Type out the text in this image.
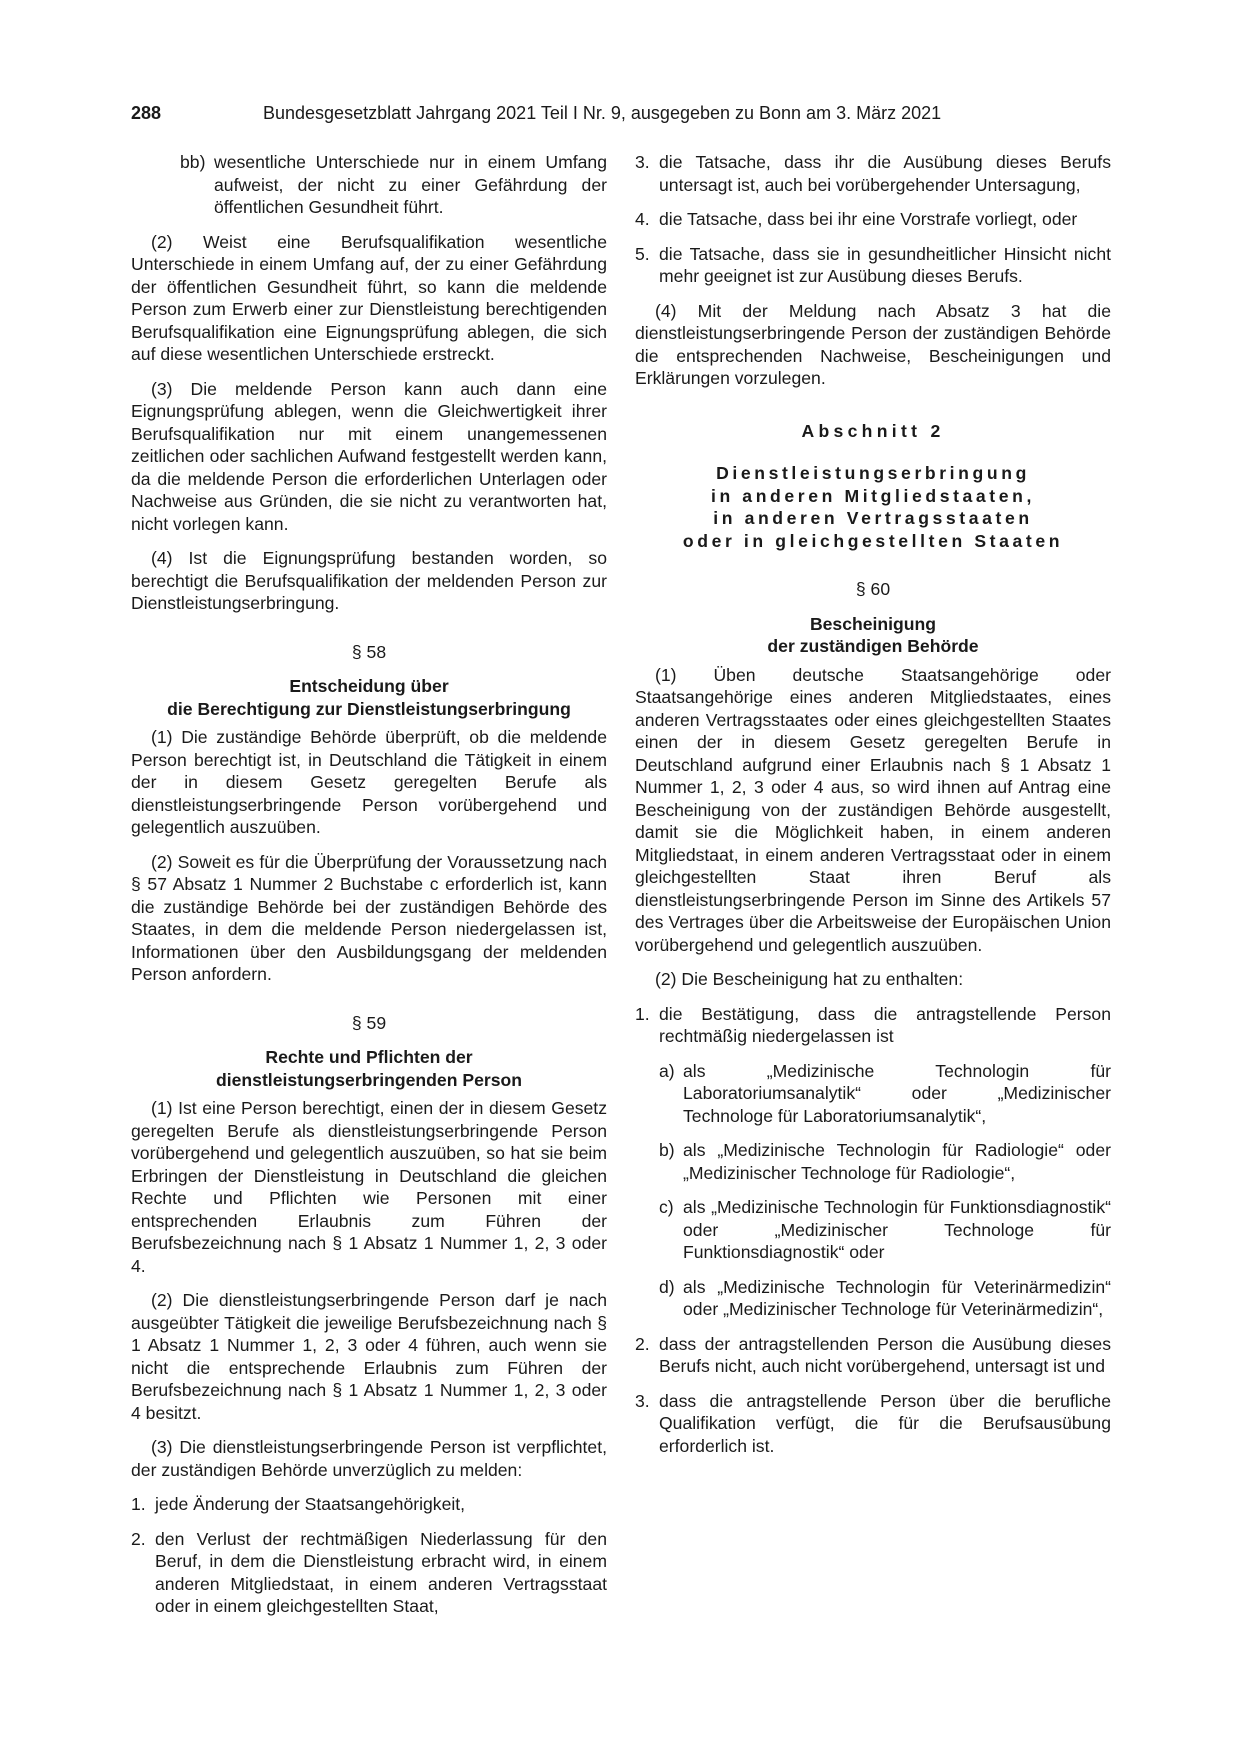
288	Bundesgesetzblatt Jahrgang 2021 Teil I Nr. 9, ausgegeben zu Bonn am 3. März 2021
bb) wesentliche Unterschiede nur in einem Umfang aufweist, der nicht zu einer Gefährdung der öffentlichen Gesundheit führt.

(2) Weist eine Berufsqualifikation wesentliche Unterschiede in einem Umfang auf, der zu einer Gefährdung der öffentlichen Gesundheit führt, so kann die meldende Person zum Erwerb einer zur Dienstleistung berechtigenden Berufsqualifikation eine Eignungsprüfung ablegen, die sich auf diese wesentlichen Unterschiede erstreckt.

(3) Die meldende Person kann auch dann eine Eignungsprüfung ablegen, wenn die Gleichwertigkeit ihrer Berufsqualifikation nur mit einem unangemessenen zeitlichen oder sachlichen Aufwand festgestellt werden kann, da die meldende Person die erforderlichen Unterlagen oder Nachweise aus Gründen, die sie nicht zu verantworten hat, nicht vorlegen kann.

(4) Ist die Eignungsprüfung bestanden worden, so berechtigt die Berufsqualifikation der meldenden Person zur Dienstleistungserbringung.

§ 58

Entscheidung über
die Berechtigung zur Dienstleistungserbringung

(1) Die zuständige Behörde überprüft, ob die meldende Person berechtigt ist, in Deutschland die Tätigkeit in einem der in diesem Gesetz geregelten Berufe als dienstleistungserbringende Person vorübergehend und gelegentlich auszuüben.

(2) Soweit es für die Überprüfung der Voraussetzung nach § 57 Absatz 1 Nummer 2 Buchstabe c erforderlich ist, kann die zuständige Behörde bei der zuständigen Behörde des Staates, in dem die meldende Person niedergelassen ist, Informationen über den Ausbildungsgang der meldenden Person anfordern.

§ 59

Rechte und Pflichten der
dienstleistungserbringenden Person

(1) Ist eine Person berechtigt, einen der in diesem Gesetz geregelten Berufe als dienstleistungserbringende Person vorübergehend und gelegentlich auszuüben, so hat sie beim Erbringen der Dienstleistung in Deutschland die gleichen Rechte und Pflichten wie Personen mit einer entsprechenden Erlaubnis zum Führen der Berufsbezeichnung nach § 1 Absatz 1 Nummer 1, 2, 3 oder 4.

(2) Die dienstleistungserbringende Person darf je nach ausgeübter Tätigkeit die jeweilige Berufsbezeichnung nach § 1 Absatz 1 Nummer 1, 2, 3 oder 4 führen, auch wenn sie nicht die entsprechende Erlaubnis zum Führen der Berufsbezeichnung nach § 1 Absatz 1 Nummer 1, 2, 3 oder 4 besitzt.

(3) Die dienstleistungserbringende Person ist verpflichtet, der zuständigen Behörde unverzüglich zu melden:

1. jede Änderung der Staatsangehörigkeit,
2. den Verlust der rechtmäßigen Niederlassung für den Beruf, in dem die Dienstleistung erbracht wird, in einem anderen Mitgliedstaat, in einem anderen Vertragsstaat oder in einem gleichgestellten Staat,
3. die Tatsache, dass ihr die Ausübung dieses Berufs untersagt ist, auch bei vorübergehender Untersagung,
4. die Tatsache, dass bei ihr eine Vorstrafe vorliegt, oder
5. die Tatsache, dass sie in gesundheitlicher Hinsicht nicht mehr geeignet ist zur Ausübung dieses Berufs.

(4) Mit der Meldung nach Absatz 3 hat die dienstleistungserbringende Person der zuständigen Behörde die entsprechenden Nachweise, Bescheinigungen und Erklärungen vorzulegen.

Abschnitt 2

Dienstleistungserbringung
in anderen Mitgliedstaaten,
in anderen Vertragsstaaten
oder in gleichgestellten Staaten

§ 60

Bescheinigung
der zuständigen Behörde

(1) Üben deutsche Staatsangehörige oder Staatsangehörige eines anderen Mitgliedstaates, eines anderen Vertragsstaates oder eines gleichgestellten Staates einen der in diesem Gesetz geregelten Berufe in Deutschland aufgrund einer Erlaubnis nach § 1 Absatz 1 Nummer 1, 2, 3 oder 4 aus, so wird ihnen auf Antrag eine Bescheinigung von der zuständigen Behörde ausgestellt, damit sie die Möglichkeit haben, in einem anderen Mitgliedstaat, in einem anderen Vertragsstaat oder in einem gleichgestellten Staat ihren Beruf als dienstleistungserbringende Person im Sinne des Artikels 57 des Vertrages über die Arbeitsweise der Europäischen Union vorübergehend und gelegentlich auszuüben.

(2) Die Bescheinigung hat zu enthalten:

1. die Bestätigung, dass die antragstellende Person rechtmäßig niedergelassen ist
a) als „Medizinische Technologin für Laboratoriumsanalytik“ oder „Medizinischer Technologe für Laboratoriumsanalytik“,
b) als „Medizinische Technologin für Radiologie“ oder „Medizinischer Technologe für Radiologie“,
c) als „Medizinische Technologin für Funktionsdiagnostik“ oder „Medizinischer Technologe für Funktionsdiagnostik“ oder
d) als „Medizinische Technologin für Veterinärmedizin“ oder „Medizinischer Technologe für Veterinärmedizin“,
2. dass der antragstellenden Person die Ausübung dieses Berufs nicht, auch nicht vorübergehend, untersagt ist und
3. dass die antragstellende Person über die berufliche Qualifikation verfügt, die für die Berufsausübung erforderlich ist.
